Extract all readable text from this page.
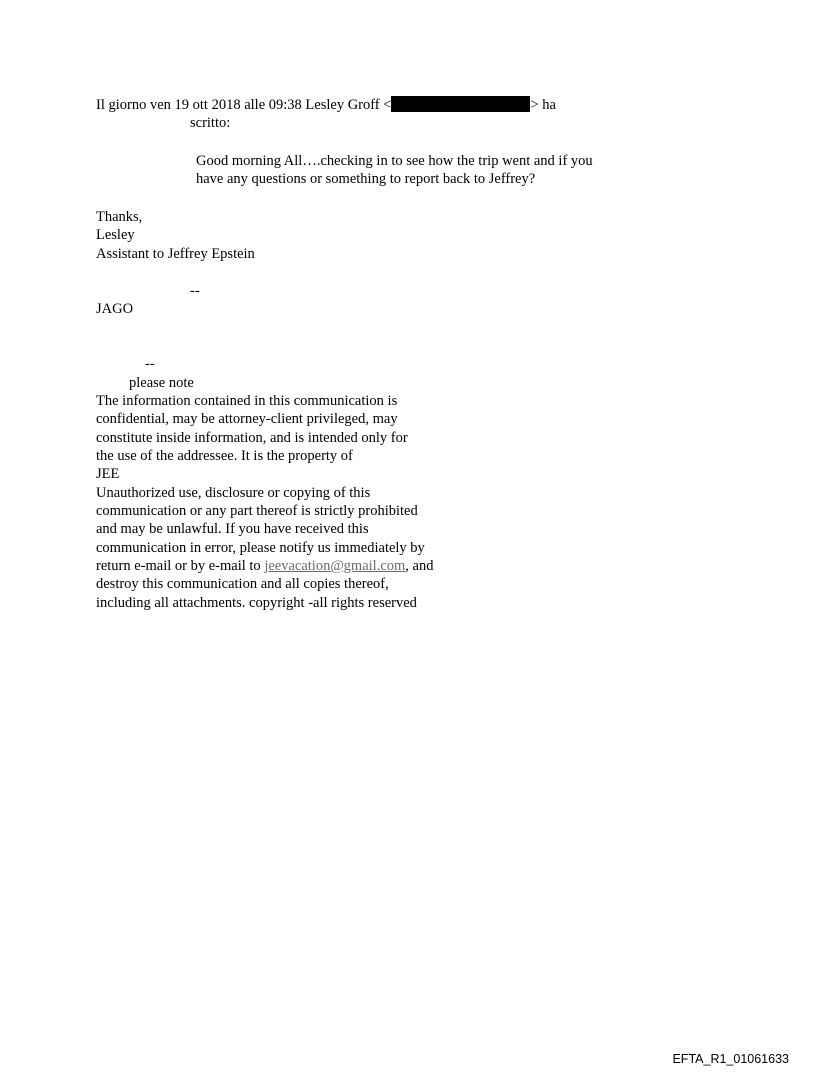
Il giorno ven 19 ott 2018 alle 09:38 Lesley Groff <	> ha
scritto:
Good morning All….checking in to see how the trip went and if you
have any questions or something to report back to Jeffrey?
Thanks,
Lesley
Assistant to Jeffrey Epstein
--
JAGO
--
please note
The information contained in this communication is
confidential, may be attorney-client privileged, may
constitute inside information, and is intended only for
the use of the addressee. It is the property of
JEE
Unauthorized use, disclosure or copying of this
communication or any part thereof is strictly prohibited
and may be unlawful. If you have received this
communication in error, please notify us immediately by
return e-mail or by e-mail to jeevacation@gmail.com, and
destroy this communication and all copies thereof,
including all attachments. copyright -all rights reserved
EFTA_R1_01061633
